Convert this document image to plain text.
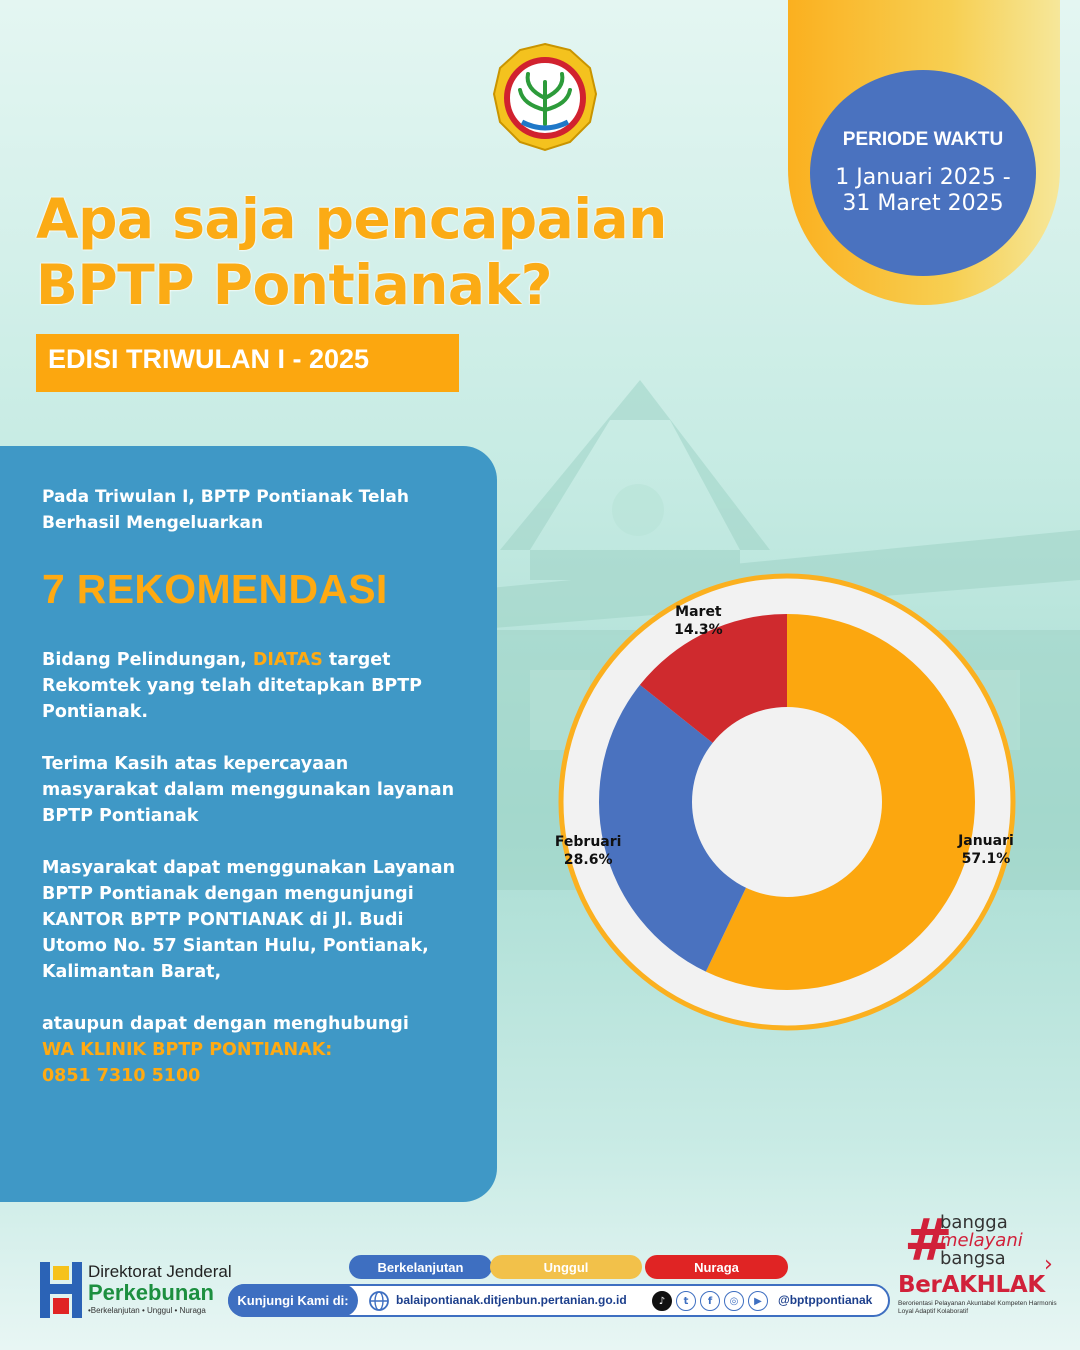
PERIODE WAKTU
1 Januari 2025 - 31 Maret 2025
Apa saja pencapaian
BPTP Pontianak?
EDISI TRIWULAN I - 2025
Pada Triwulan I, BPTP Pontianak Telah Berhasil Mengeluarkan
7 REKOMENDASI
Bidang Pelindungan, DIATAS target Rekomtek yang telah ditetapkan BPTP Pontianak.
Terima Kasih atas kepercayaan masyarakat dalam menggunakan layanan BPTP Pontianak
Masyarakat dapat menggunakan Layanan BPTP Pontianak dengan mengunjungi KANTOR BPTP PONTIANAK di Jl. Budi Utomo No. 57 Siantan Hulu, Pontianak, Kalimantan Barat,
ataupun dapat dengan menghubungi
WA KLINIK BPTP PONTIANAK:
0851 7310 5100
Januari
57.1%
Februari
28.6%
Maret
14.3%
Direktorat Jenderal
Perkebunan
•Berkelanjutan • Unggul • Nuraga
Berkelanjutan	Unggul	Nuraga
Kunjungi Kami di:	balaipontianak.ditjenbun.pertanian.go.id	♪	t	f	◎	▶	@bptppontianak
#
bangga
melayani
bangsa ›
BerAKHLAK
Berorientasi Pelayanan Akuntabel Kompeten Harmonis Loyal Adaptif Kolaboratif
